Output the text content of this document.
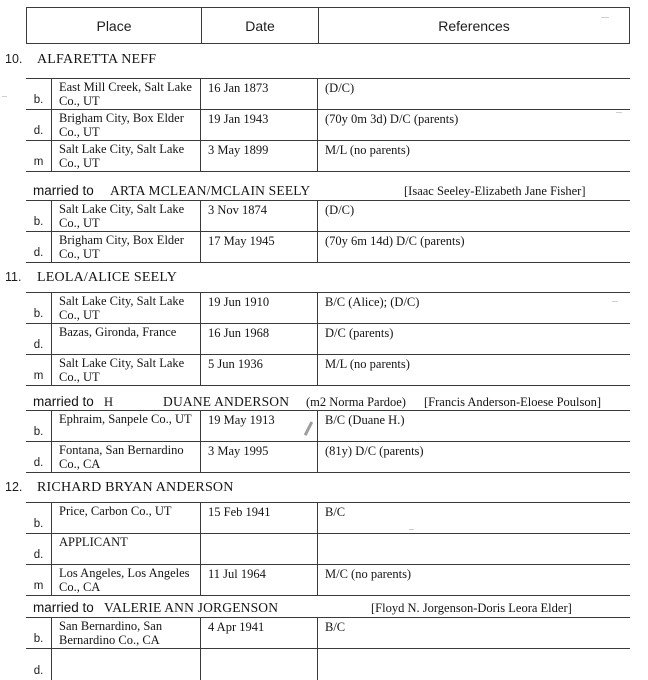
Place	Date	References
10. ALFARETTA NEFF
b.
East Mill Creek, Salt Lake Co., UT
16 Jan 1873	(D/C)
d.
Brigham City, Box Elder Co., UT
19 Jan 1943	(70y 0m 3d) D/C (parents)
m
Salt Lake City, Salt Lake Co., UT
3 May 1899	M/L (no parents)
married to ARTA MCLEAN/MCLAIN SEELY	[Isaac Seeley-Elizabeth Jane Fisher]
b.
Salt Lake City, Salt Lake Co., UT
3 Nov 1874	(D/C)
d.
Brigham City, Box Elder Co., UT
17 May 1945	(70y 6m 14d) D/C (parents)
11. LEOLA/ALICE SEELY
b.
Salt Lake City, Salt Lake Co., UT
19 Jun 1910	B/C (Alice); (D/C)
d.
Bazas, Gironda, France	16 Jun 1968	D/C (parents)
m
Salt Lake City, Salt Lake Co., UT
5 Jun 1936	M/L (no parents)
married to H	DUANE ANDERSON (m2 Norma Pardoe) [Francis Anderson-Eloese Poulson]
b.
Ephraim, Sanpele Co., UT	19 May 1913	B/C (Duane H.)
d.
Fontana, San Bernardino Co., CA
3 May 1995	(81y) D/C (parents)
12. RICHARD BRYAN ANDERSON
b.
Price, Carbon Co., UT	15 Feb 1941	B/C
d.
APPLICANT
m
Los Angeles, Los Angeles Co., CA
11 Jul 1964	M/C (no parents)
married to VALERIE ANN JORGENSON	[Floyd N. Jorgenson-Doris Leora Elder]
b.
San Bernardino, San Bernardino Co., CA
4 Apr 1941	B/C
d.
